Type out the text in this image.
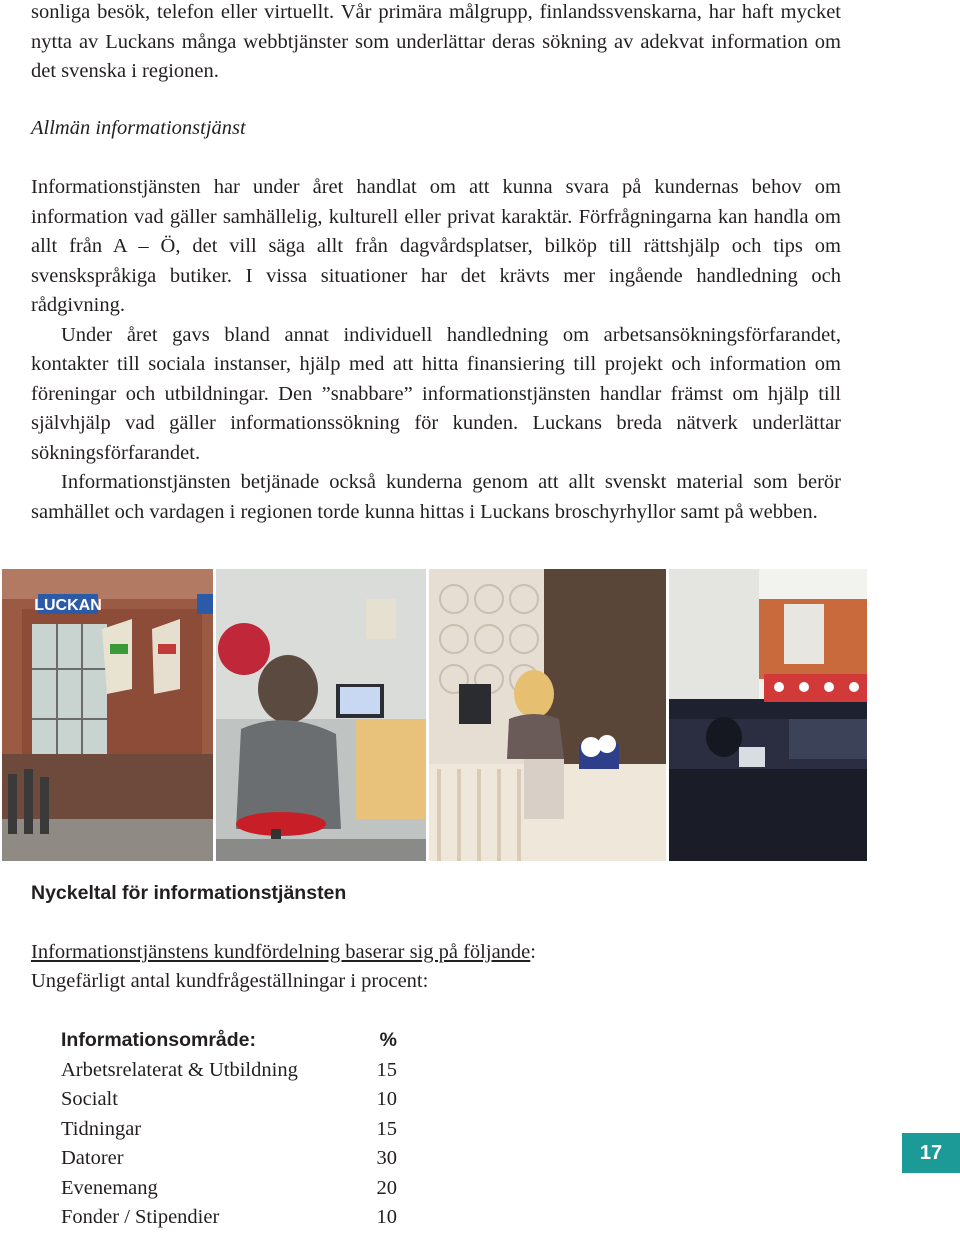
sonliga besök, telefon eller virtuellt. Vår primära målgrupp, finlandssvenskarna, har haft mycket nytta av Luckans många webbtjänster som underlättar deras sökning av adekvat information om det svenska i regionen.

Allmän informationstjänst

Informationstjänsten har under året handlat om att kunna svara på kundernas behov om information vad gäller samhällelig, kulturell eller privat karaktär. Förfrågningarna kan handla om allt från A – Ö, det vill säga allt från dagvårdsplatser, bilköp till rättshjälp och tips om svenskspråkiga butiker. I vissa situationer har det krävts mer ingående handledning och rådgivning.

Under året gavs bland annat individuell handledning om arbetsansökningsförfarandet, kontakter till sociala instanser, hjälp med att hitta finansiering till projekt och information om föreningar och utbildningar. Den ”snabbare” informationstjänsten handlar främst om hjälp till självhjälp vad gäller informationssökning för kunden. Luckans breda nätverk underlättar sökningsförfarandet.

Informationstjänsten betjänade också kunderna genom att allt svenskt material som berör samhället och vardagen i regionen torde kunna hittas i Luckans broschyrhyllor samt på webben.

LUCKAN
Nyckeltal för informationstjänsten
Informationstjänstens kundfördelning baserar sig på följande:
Ungefärligt antal kundfrågeställningar i procent:
Informationsområde:	%
Arbetsrelaterat & Utbildning	15
Socialt	10
Tidningar	15
Datorer	30
Evenemang	20
Fonder / Stipendier	10
17
